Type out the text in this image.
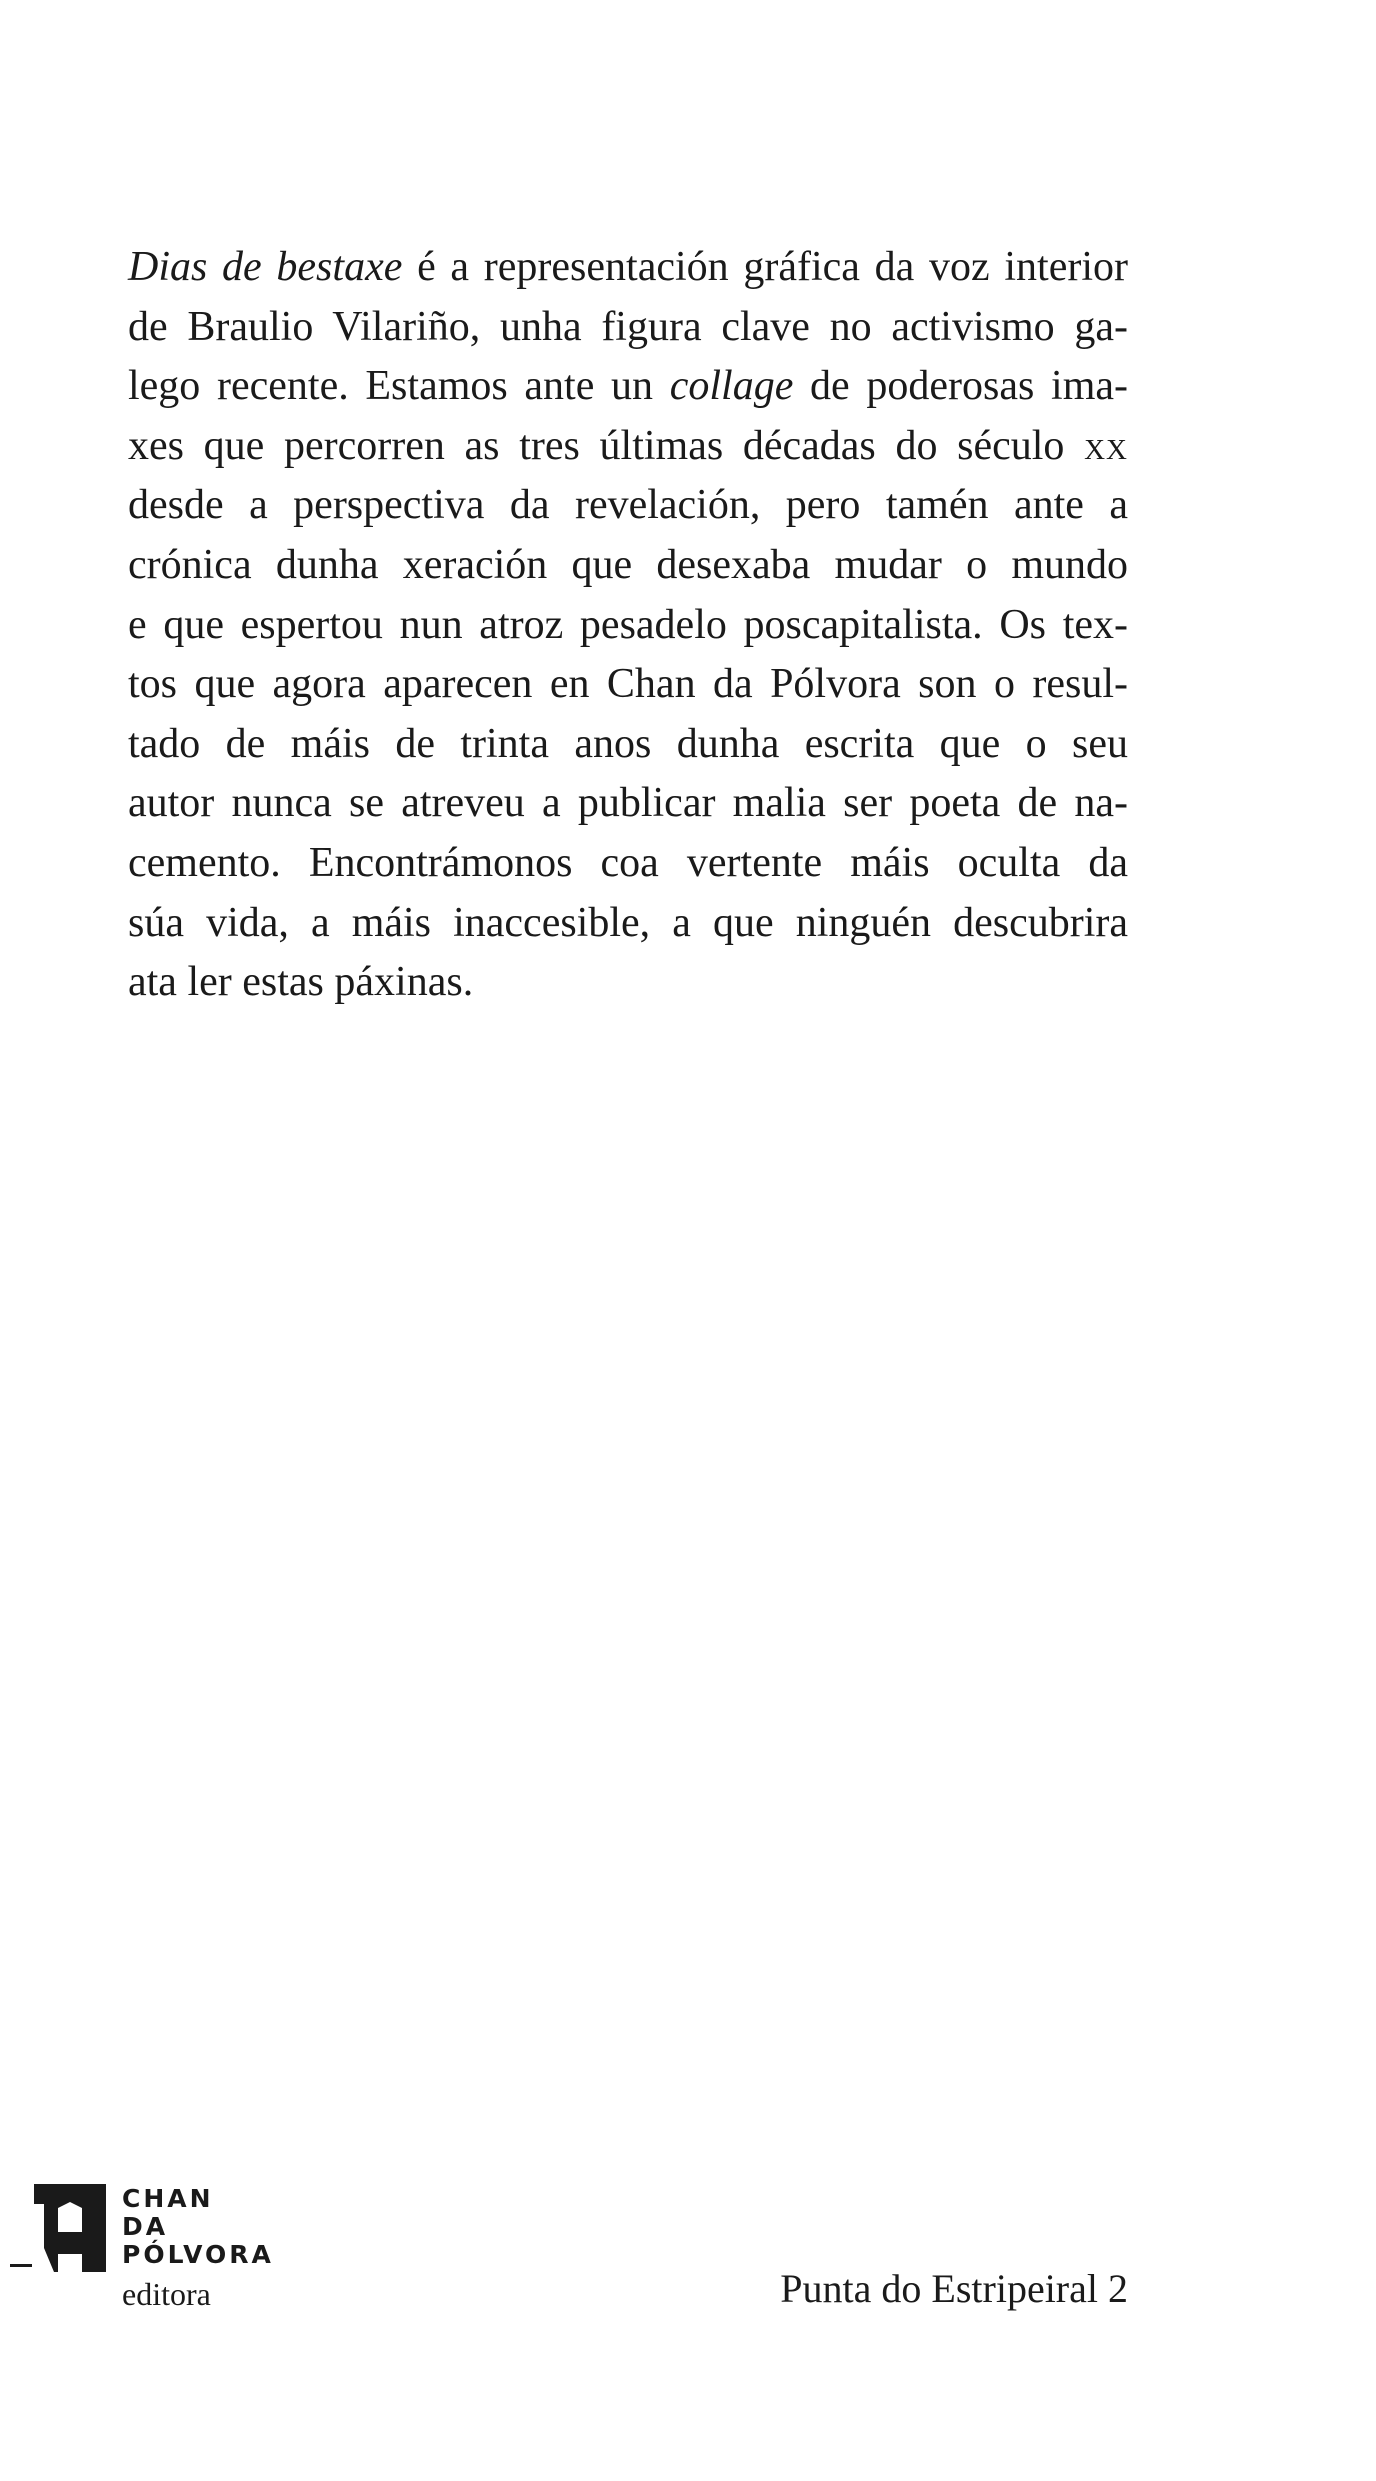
Dias de bestaxe é a representación gráfica da voz interior
de Braulio Vilariño, unha figura clave no activismo ga-
lego recente. Estamos ante un collage de poderosas ima-
xes que percorren as tres últimas décadas do século xx
desde a perspectiva da revelación, pero tamén ante a
crónica dunha xeración que desexaba mudar o mundo
e que espertou nun atroz pesadelo poscapitalista. Os tex-
tos que agora aparecen en Chan da Pólvora son o resul-
tado de máis de trinta anos dunha escrita que o seu
autor nunca se atreveu a publicar malia ser poeta de na-
cemento. Encontrámonos coa vertente máis oculta da
súa vida, a máis inaccesible, a que ninguén descubrira
ata ler estas páxinas.
CHAN
DA
PÓLVORA
editora	Punta do Estripeiral 2
